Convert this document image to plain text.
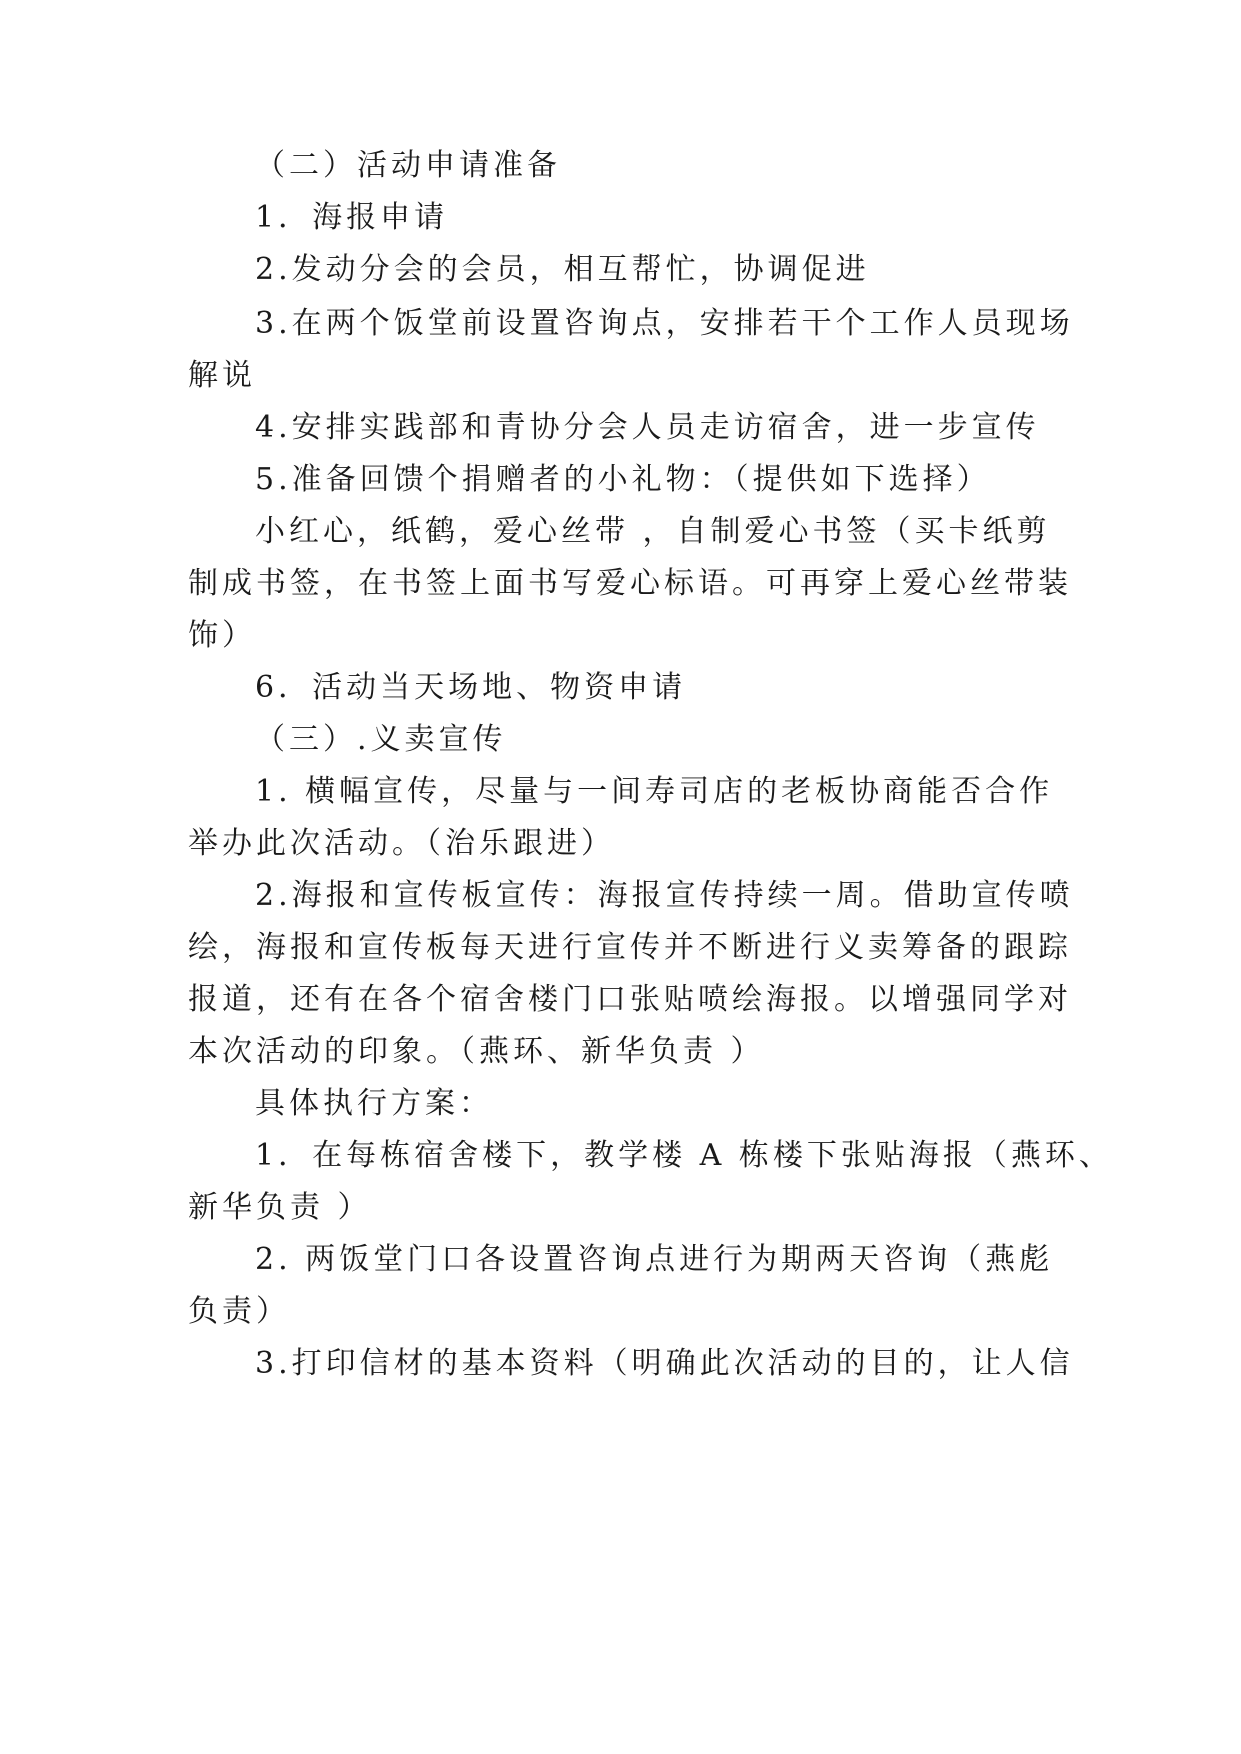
（二）活动申请准备
1．海报申请
2.发动分会的会员，相互帮忙，协调促进
3.在两个饭堂前设置咨询点，安排若干个工作人员现场
解说
4.安排实践部和青协分会人员走访宿舍，进一步宣传
5.准备回馈个捐赠者的小礼物：（提供如下选择）
小红心，纸鹤，爱心丝带 ，自制爱心书签（买卡纸剪
制成书签，在书签上面书写爱心标语。可再穿上爱心丝带装
饰）
6．活动当天场地、物资申请
（三）.义卖宣传
1. 横幅宣传，尽量与一间寿司店的老板协商能否合作
举办此次活动。（治乐跟进）
2.海报和宣传板宣传：海报宣传持续一周。借助宣传喷
绘，海报和宣传板每天进行宣传并不断进行义卖筹备的跟踪
报道，还有在各个宿舍楼门口张贴喷绘海报。以增强同学对
本次活动的印象。（燕环、新华负责 ）
具体执行方案：
1．在每栋宿舍楼下，教学楼 A 栋楼下张贴海报（燕环、
新华负责 ）
2. 两饭堂门口各设置咨询点进行为期两天咨询（燕彪
负责）
3.打印信材的基本资料（明确此次活动的目的，让人信
